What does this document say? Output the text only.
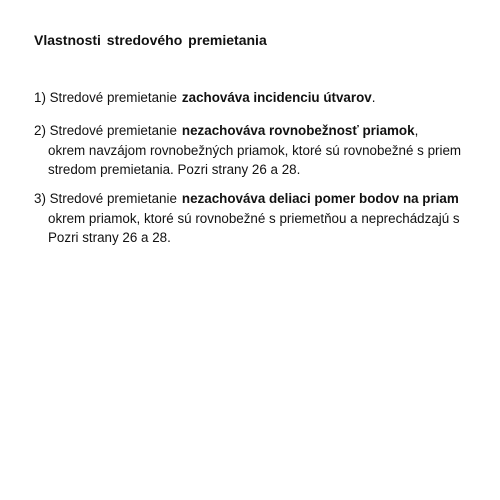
Vlastnosti stredového premietania
1) Stredové premietanie zachováva incidenciu útvarov.
2) Stredové premietanie nezachováva rovnobežnosť priamok,
okrem navzájom rovnobežných priamok, ktoré sú rovnobežné s priem
stredom premietania. Pozri strany 26 a 28.
3) Stredové premietanie nezachováva deliaci pomer bodov na priam
okrem priamok, ktoré sú rovnobežné s priemetňou a neprechádzajú s
Pozri strany 26 a 28.
